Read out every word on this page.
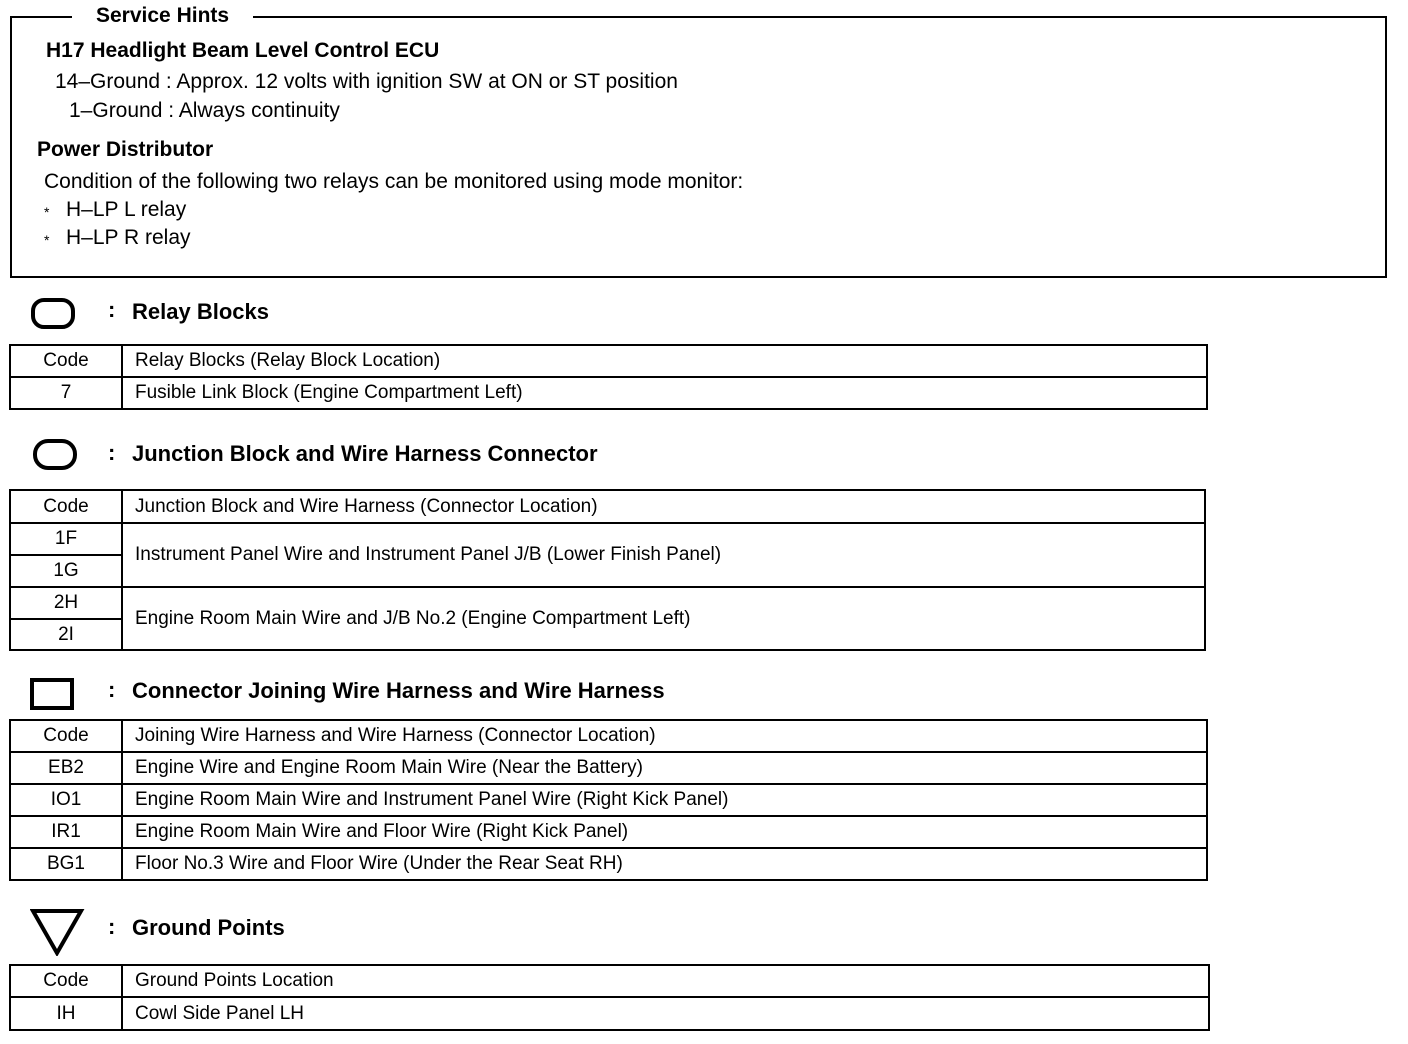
Service Hints
H17 Headlight Beam Level Control ECU
14–Ground : Approx. 12 volts with ignition SW at ON or ST position
1–Ground : Always continuity
Power Distributor
Condition of the following two relays can be monitored using mode monitor:
* H–LP L relay
* H–LP R relay
: Relay Blocks
Code	Relay Blocks (Relay Block Location)
7	Fusible Link Block (Engine Compartment Left)
: Junction Block and Wire Harness Connector
Code	Junction Block and Wire Harness (Connector Location)
1F	Instrument Panel Wire and Instrument Panel J/B (Lower Finish Panel)
1G	
2H	Engine Room Main Wire and J/B No.2 (Engine Compartment Left)
2I	
: Connector Joining Wire Harness and Wire Harness
Code	Joining Wire Harness and Wire Harness (Connector Location)
EB2	Engine Wire and Engine Room Main Wire (Near the Battery)
IO1	Engine Room Main Wire and Instrument Panel Wire (Right Kick Panel)
IR1	Engine Room Main Wire and Floor Wire (Right Kick Panel)
BG1	Floor No.3 Wire and Floor Wire (Under the Rear Seat RH)
: Ground Points
Code	Ground Points Location
IH	Cowl Side Panel LH
